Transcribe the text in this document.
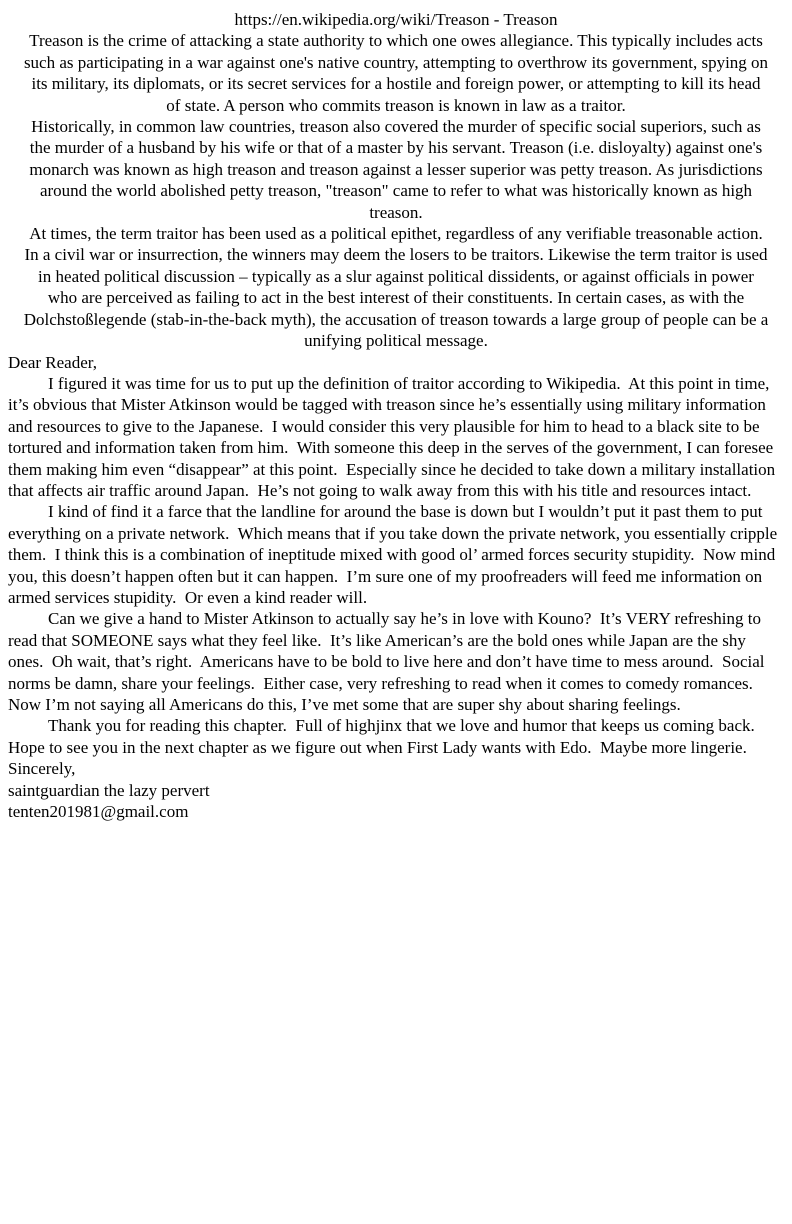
https://en.wikipedia.org/wiki/Treason - Treason

Treason is the crime of attacking a state authority to which one owes allegiance. This typically includes acts such as participating in a war against one's native country, attempting to overthrow its government, spying on its military, its diplomats, or its secret services for a hostile and foreign power, or attempting to kill its head of state. A person who commits treason is known in law as a traitor.

Historically, in common law countries, treason also covered the murder of specific social superiors, such as the murder of a husband by his wife or that of a master by his servant. Treason (i.e. disloyalty) against one's monarch was known as high treason and treason against a lesser superior was petty treason. As jurisdictions around the world abolished petty treason, "treason" came to refer to what was historically known as high treason.

At times, the term traitor has been used as a political epithet, regardless of any verifiable treasonable action. In a civil war or insurrection, the winners may deem the losers to be traitors. Likewise the term traitor is used in heated political discussion – typically as a slur against political dissidents, or against officials in power who are perceived as failing to act in the best interest of their constituents. In certain cases, as with the Dolchstoßlegende (stab-in-the-back myth), the accusation of treason towards a large group of people can be a unifying political message.

Dear Reader,

I figured it was time for us to put up the definition of traitor according to Wikipedia.  At this point in time, it’s obvious that Mister Atkinson would be tagged with treason since he’s essentially using military information and resources to give to the Japanese.  I would consider this very plausible for him to head to a black site to be tortured and information taken from him.  With someone this deep in the serves of the government, I can foresee them making him even “disappear” at this point.  Especially since he decided to take down a military installation that affects air traffic around Japan.  He’s not going to walk away from this with his title and resources intact.

I kind of find it a farce that the landline for around the base is down but I wouldn’t put it past them to put everything on a private network.  Which means that if you take down the private network, you essentially cripple them.  I think this is a combination of ineptitude mixed with good ol’ armed forces security stupidity.  Now mind you, this doesn’t happen often but it can happen.  I’m sure one of my proofreaders will feed me information on armed services stupidity.  Or even a kind reader will.

Can we give a hand to Mister Atkinson to actually say he’s in love with Kouno?  It’s VERY refreshing to read that SOMEONE says what they feel like.  It’s like American’s are the bold ones while Japan are the shy ones.  Oh wait, that’s right.  Americans have to be bold to live here and don’t have time to mess around.  Social norms be damn, share your feelings.  Either case, very refreshing to read when it comes to comedy romances.  Now I’m not saying all Americans do this, I’ve met some that are super shy about sharing feelings.

Thank you for reading this chapter.  Full of highjinx that we love and humor that keeps us coming back.  Hope to see you in the next chapter as we figure out when First Lady wants with Edo.  Maybe more lingerie.

Sincerely,

saintguardian the lazy pervert

tenten201981@gmail.com
